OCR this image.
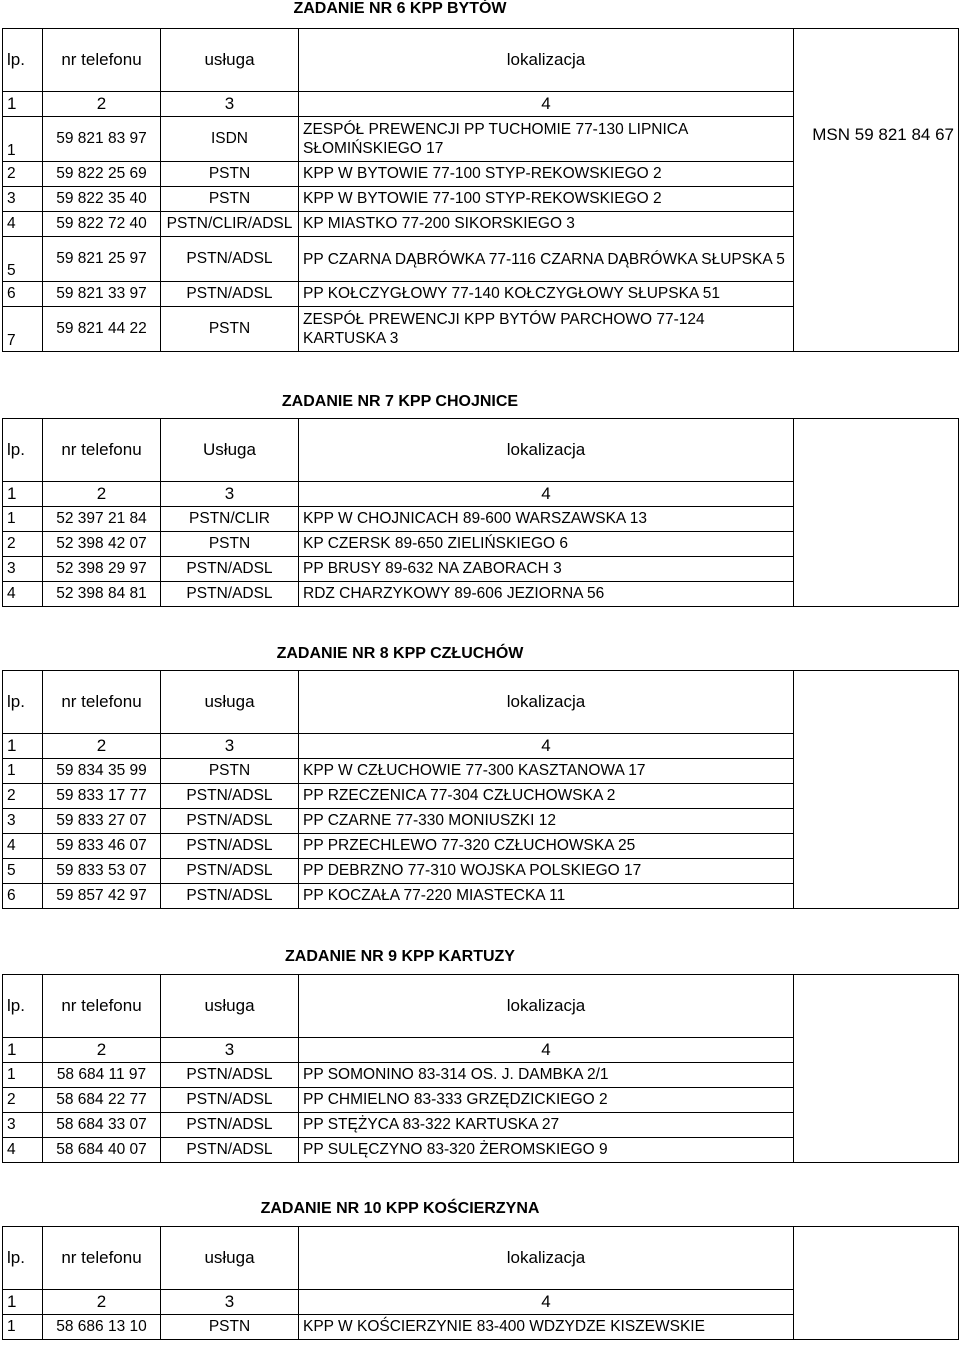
ZADANIE NR 6 KPP BYTÓW
lp.	nr telefonu	usługa	lokalizacja	MSN 59 821 84 67
1	2	3	4	
1	59 821 83 97	ISDN	ZESPÓŁ PREWENCJI PP TUCHOMIE 77-130 LIPNICA SŁOMIŃSKIEGO 17	
2	59 822 25 69	PSTN	KPP W BYTOWIE 77-100 STYP-REKOWSKIEGO 2	
3	59 822 35 40	PSTN	KPP W BYTOWIE 77-100 STYP-REKOWSKIEGO 2	
4	59 822 72 40	PSTN/CLIR/ADSL	KP MIASTKO 77-200 SIKORSKIEGO 3	
5	59 821 25 97	PSTN/ADSL	PP CZARNA DĄBRÓWKA 77-116 CZARNA DĄBRÓWKA SŁUPSKA 5	
6	59 821 33 97	PSTN/ADSL	PP KOŁCZYGŁOWY 77-140 KOŁCZYGŁOWY SŁUPSKA 51	
7	59 821 44 22	PSTN	ZESPÓŁ PREWENCJI KPP BYTÓW PARCHOWO 77-124 KARTUSKA 3	
ZADANIE NR 7 KPP CHOJNICE
lp.	nr telefonu	Usługa	lokalizacja	
1	2	3	4	
1	52 397 21 84	PSTN/CLIR	KPP W CHOJNICACH 89-600 WARSZAWSKA 13	
2	52 398 42 07	PSTN	KP CZERSK 89-650 ZIELIŃSKIEGO 6	
3	52 398 29 97	PSTN/ADSL	PP BRUSY 89-632 NA ZABORACH 3	
4	52 398 84 81	PSTN/ADSL	RDZ CHARZYKOWY 89-606 JEZIORNA 56	
ZADANIE NR 8 KPP CZŁUCHÓW
lp.	nr telefonu	usługa	lokalizacja	
1	2	3	4	
1	59 834 35 99	PSTN	KPP W CZŁUCHOWIE 77-300 KASZTANOWA 17	
2	59 833 17 77	PSTN/ADSL	PP RZECZENICA 77-304 CZŁUCHOWSKA 2	
3	59 833 27 07	PSTN/ADSL	PP CZARNE 77-330 MONIUSZKI 12	
4	59 833 46 07	PSTN/ADSL	PP PRZECHLEWO 77-320 CZŁUCHOWSKA 25	
5	59 833 53 07	PSTN/ADSL	PP DEBRZNO 77-310 WOJSKA POLSKIEGO 17	
6	59 857 42 97	PSTN/ADSL	PP KOCZAŁA 77-220 MIASTECKA 11	
ZADANIE NR 9 KPP KARTUZY
lp.	nr telefonu	usługa	lokalizacja	
1	2	3	4	
1	58 684 11 97	PSTN/ADSL	PP SOMONINO 83-314 OS. J. DAMBKA 2/1	
2	58 684 22 77	PSTN/ADSL	PP CHMIELNO 83-333 GRZĘDZICKIEGO 2	
3	58 684 33 07	PSTN/ADSL	PP STĘŻYCA 83-322 KARTUSKA 27	
4	58 684 40 07	PSTN/ADSL	PP SULĘCZYNO 83-320 ŻEROMSKIEGO 9	
ZADANIE NR 10 KPP KOŚCIERZYNA
lp.	nr telefonu	usługa	lokalizacja	
1	2	3	4	
1	58 686 13 10	PSTN	KPP W KOŚCIERZYNIE 83-400 WDZYDZE KISZEWSKIE	
